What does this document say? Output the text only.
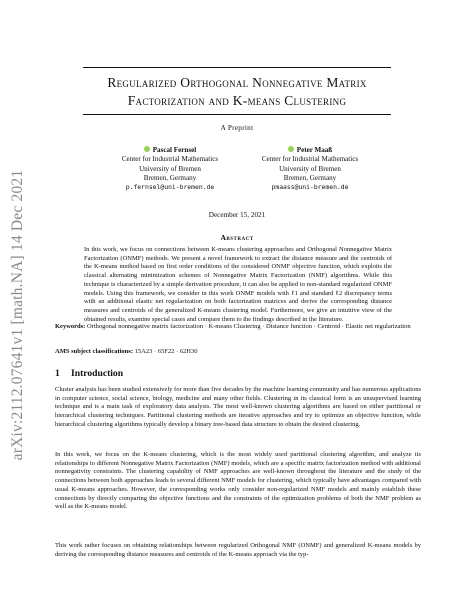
arXiv:2112.07641v1 [math.NA] 14 Dec 2021
Regularized Orthogonal Nonnegative Matrix
Factorization and K-means Clustering
A Preprint
Pascal Fernsel
Center for Industrial Mathematics
University of Bremen
Bremen, Germany
p.fernsel@uni-bremen.de
Peter Maaß
Center for Industrial Mathematics
University of Bremen
Bremen, Germany
pmaass@uni-bremen.de
December 15, 2021
Abstract
In this work, we focus on connections between K-means clustering approaches and Orthogonal Nonnegative Matrix Factorization (ONMF) methods. We present a novel framework to extract the distance measure and the centroids of the K-means method based on first order conditions of the considered ONMF objective function, which exploits the classical alternating minimization schemes of Nonnegative Matrix Factorization (NMF) algorithms. While this technique is characterized by a simple derivation procedure, it can also be applied to non-standard regularized ONMF models. Using this framework, we consider in this work ONMF models with ℓ1 and standard ℓ2 discrepancy terms with an additional elastic net regularization on both factorization matrices and derive the corresponding distance measures and centroids of the generalized K-means clustering model. Furthermore, we give an intuitive view of the obtained results, examine special cases and compare them to the findings described in the literature.
Keywords: Orthogonal nonnegative matrix factorization · K-means Clustering · Distance function · Centroid · Elastic net regularization
AMS subject classifications: 15A23 · 65F22 · 62H30
1 Introduction
Cluster analysis has been studied extensively for more than five decades by the machine learning community and has numerous applications in computer science, social science, biology, medicine and many other fields. Clustering in its classical form is an unsupervised learning technique and is a main task of exploratory data analysis. The most well-known clustering algorithms are based on either partitional or hierarchical clustering techniques. Partitional clustering methods are iterative approaches and try to optimize an objective function, while hierarchical clustering algorithms typically develop a binary tree-based data structure to obtain the desired clustering.
In this work, we focus on the K-means clustering, which is the most widely used partitional clustering algorithm, and analyze its relationships to different Nonnegative Matrix Factorization (NMF) models, which are a specific matrix factorization method with additional nonnegativity constraints. The clustering capability of NMF approaches are well-known throughout the literature and the study of the connections between both approaches leads to several different NMF models for clustering, which typically have advantages compared with usual K-means approaches. However, the corresponding works only consider non-regularized NMF models and mainly establish these connections by directly comparing the objective functions and the constraints of the optimization problems of both the NMF problem as well as the K-means model.
This work rather focuses on obtaining relationships between regularized Orthogonal NMF (ONMF) and generalized K-means models by deriving the corresponding distance measures and centroids of the K-means approach via the typ-
